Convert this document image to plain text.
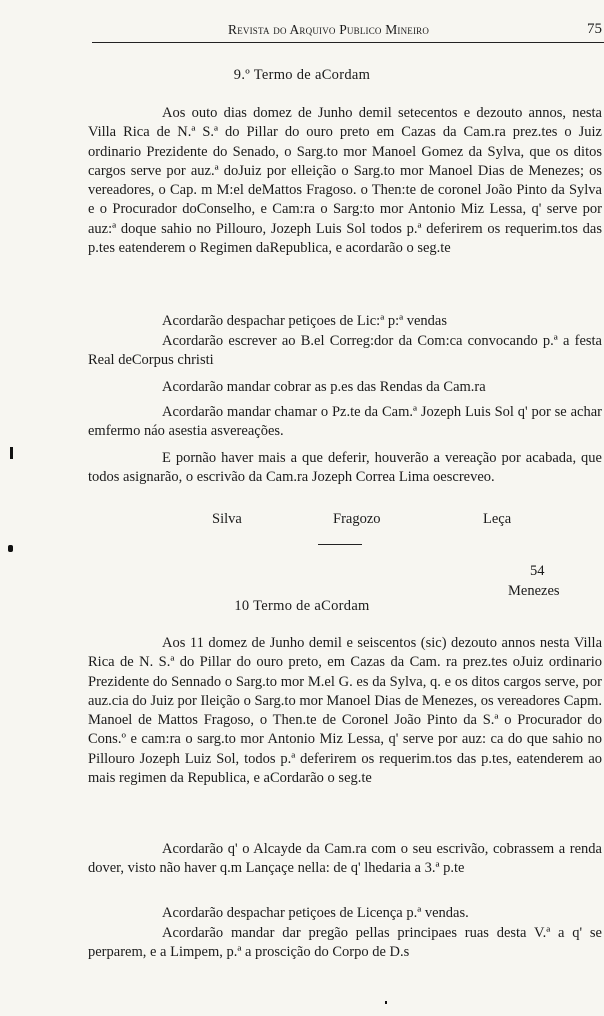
Revista do Arquivo Publico Mineiro	75
9.º Termo de aCordam
Aos outo dias domez de Junho demil setecentos e dezouto annos, nesta Villa Rica de N.ª S.ª do Pillar do ouro preto em Cazas da Cam.ra prez.tes o Juiz ordinario Prezidente do Senado, o Sarg.to mor Manoel Gomez da Sylva, que os ditos cargos serve por auz.ª doJuiz por elleição o Sarg.to mor Manoel Dias de Menezes; os vereadores, o Cap. m M:el deMattos Fragoso. o Then:te de coronel João Pinto da Sylva e o Procurador doConselho, e Cam:ra o Sarg:to mor Antonio Miz Lessa, q' serve por auz:ª doque sahio no Pillouro, Jozeph Luis Sol todos p.ª deferirem os requerim.tos das p.tes eatenderem o Regimen daRepublica, e acordarão o seg.te
Acordarão despachar petiçoes de Lic:ª p:ª vendas
Acordarão escrever ao B.el Correg:dor da Com:ca convocando p.ª a festa Real deCorpus christi
Acordarão mandar cobrar as p.es das Rendas da Cam.ra
Acordarão mandar chamar o Pz.te da Cam.ª Jozeph Luis Sol q' por se achar emfermo náo asestia asvereações.
E pornão haver mais a que deferir, houverão a vereação por acabada, que todos asignarão, o escrivão da Cam.ra Jozeph Correa Lima oescreveo.
Silva	Fragozo	Leça
54
Menezes
10 Termo de aCordam
Aos 11 domez de Junho demil e seiscentos (sic) dezouto annos nesta Villa Rica de N. S.ª do Pillar do ouro preto, em Cazas da Cam. ra prez.tes oJuiz ordinario Prezidente do Sennado o Sarg.to mor M.el G. es da Sylva, q. e os ditos cargos serve, por auz.cia do Juiz por Ileição o Sarg.to mor Manoel Dias de Menezes, os vereadores Capm. Manoel de Mattos Fragoso, o Then.te de Coronel João Pinto da S.ª o Procurador do Cons.º e cam:ra o sarg.to mor Antonio Miz Lessa, q' serve por auz: ca do que sahio no Pillouro Jozeph Luiz Sol, todos p.ª deferirem os requerim.tos das p.tes, eatenderem ao mais regimen da Republica, e aCordarão o seg.te
Acordarão q' o Alcayde da Cam.ra com o seu escrivão, cobrassem a renda dover, visto não haver q.m Lançaçe nella: de q' lhedaria a 3.ª p.te
Acordarão despachar petiçoes de Licença p.ª vendas.
Acordarão mandar dar pregão pellas principaes ruas desta V.ª a q' se perparem, e a Limpem, p.ª a proscição do Corpo de D.s
